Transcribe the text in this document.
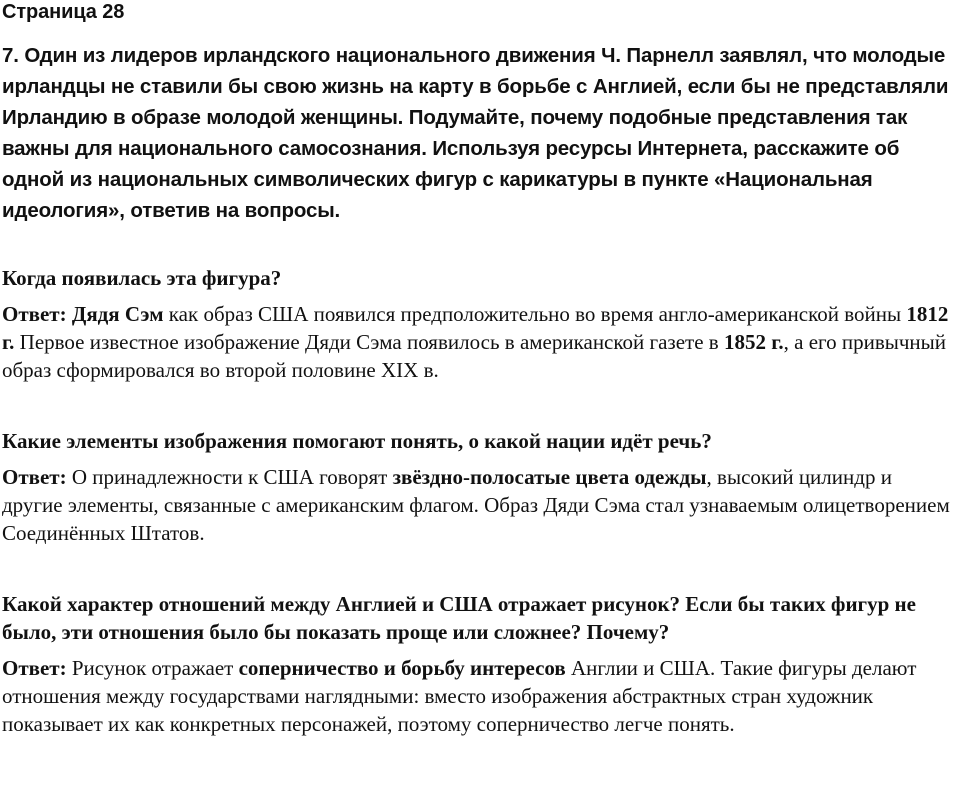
Страница 28

7. Один из лидеров ирландского национального движения Ч. Парнелл заявлял, что молодые ирландцы не ставили бы свою жизнь на карту в борьбе с Англией, если бы не представляли Ирландию в образе молодой женщины. Подумайте, почему подобные представления так важны для национального самосознания. Используя ресурсы Интернета, расскажите об одной из национальных символических фигур с карикатуры в пункте «Национальная идеология», ответив на вопросы.

Когда появилась эта фигура?

Ответ: Дядя Сэм как образ США появился предположительно во время англо-американской войны 1812 г. Первое известное изображение Дяди Сэма появилось в американской газете в 1852 г., а его привычный образ сформировался во второй половине XIX в.

Какие элементы изображения помогают понять, о какой нации идёт речь?

Ответ: О принадлежности к США говорят звёздно-полосатые цвета одежды, высокий цилиндр и другие элементы, связанные с американским флагом. Образ Дяди Сэма стал узнаваемым олицетворением Соединённых Штатов.

Какой характер отношений между Англией и США отражает рисунок? Если бы таких фигур не было, эти отношения было бы показать проще или сложнее? Почему?

Ответ: Рисунок отражает соперничество и борьбу интересов Англии и США. Такие фигуры делают отношения между государствами наглядными: вместо изображения абстрактных стран художник показывает их как конкретных персонажей, поэтому соперничество легче понять.
